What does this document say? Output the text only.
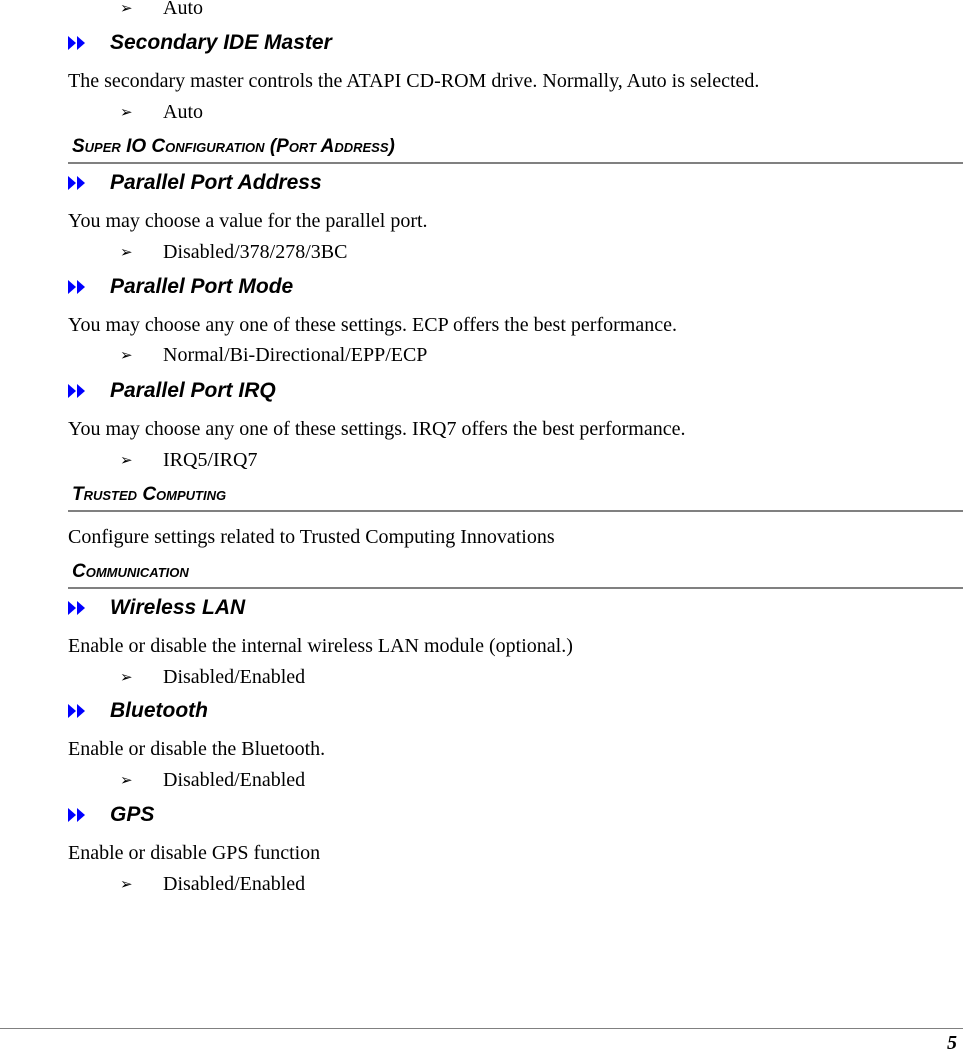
➢ Auto
Secondary IDE Master
The secondary master controls the ATAPI CD-ROM drive. Normally, Auto is selected.
➢ Auto
Super IO Configuration (Port Address)
Parallel Port Address
You may choose a value for the parallel port.
➢ Disabled/378/278/3BC
Parallel Port Mode
You may choose any one of these settings. ECP offers the best performance.
➢ Normal/Bi-Directional/EPP/ECP
Parallel Port IRQ
You may choose any one of these settings. IRQ7 offers the best performance.
➢ IRQ5/IRQ7
Trusted Computing
Configure settings related to Trusted Computing Innovations
Communication
Wireless LAN
Enable or disable the internal wireless LAN module (optional.)
➢ Disabled/Enabled
Bluetooth
Enable or disable the Bluetooth.
➢ Disabled/Enabled
GPS
Enable or disable GPS function
➢ Disabled/Enabled
5
